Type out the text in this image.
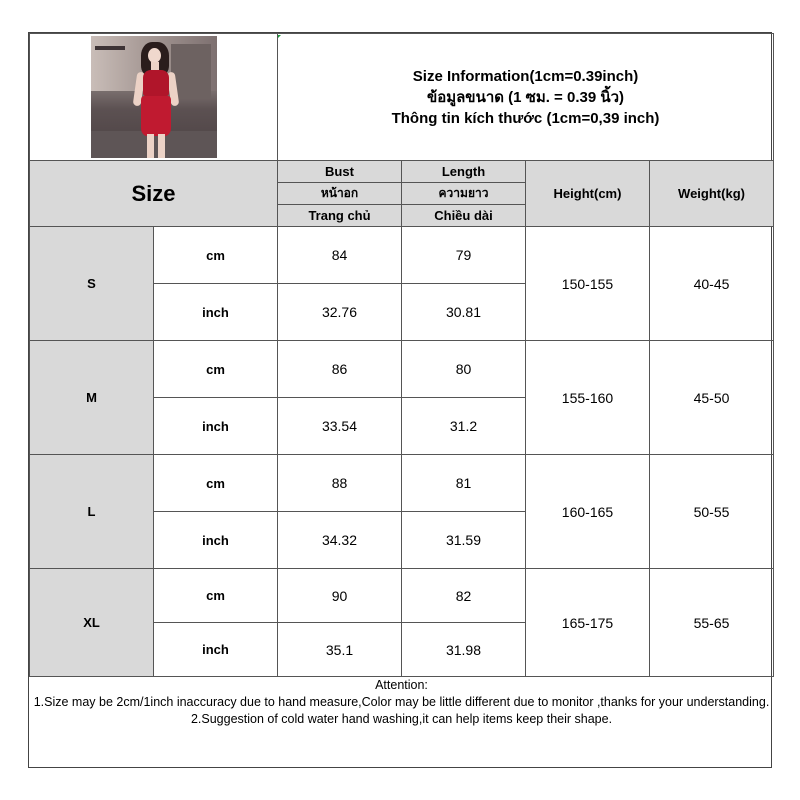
		Size Information(1cm=0.39inch)
ข้อมูลขนาด (1 ซม. = 0.39 นิ้ว)
Thông tin kích thước (1cm=0,39 inch)			

Size		Bust	Length	Height(cm)	Weight(kg)
		หน้าอก	ความยาว		
		Trang chủ	Chiều dài		
S	cm	84	79	150-155	40-45
	inch	32.76	30.81		
M	cm	86	80	155-160	45-50
	inch	33.54	31.2		
L	cm	88	81	160-165	50-55
	inch	34.32	31.59		
XL	cm	90	82	165-175	55-65
	inch	35.1	31.98		

Attention:
1.Size may be 2cm/1inch inaccuracy due to hand measure,Color may be little different due to monitor ,thanks for your understanding.
2.Suggestion of cold water hand washing,it can help items keep their shape.					
